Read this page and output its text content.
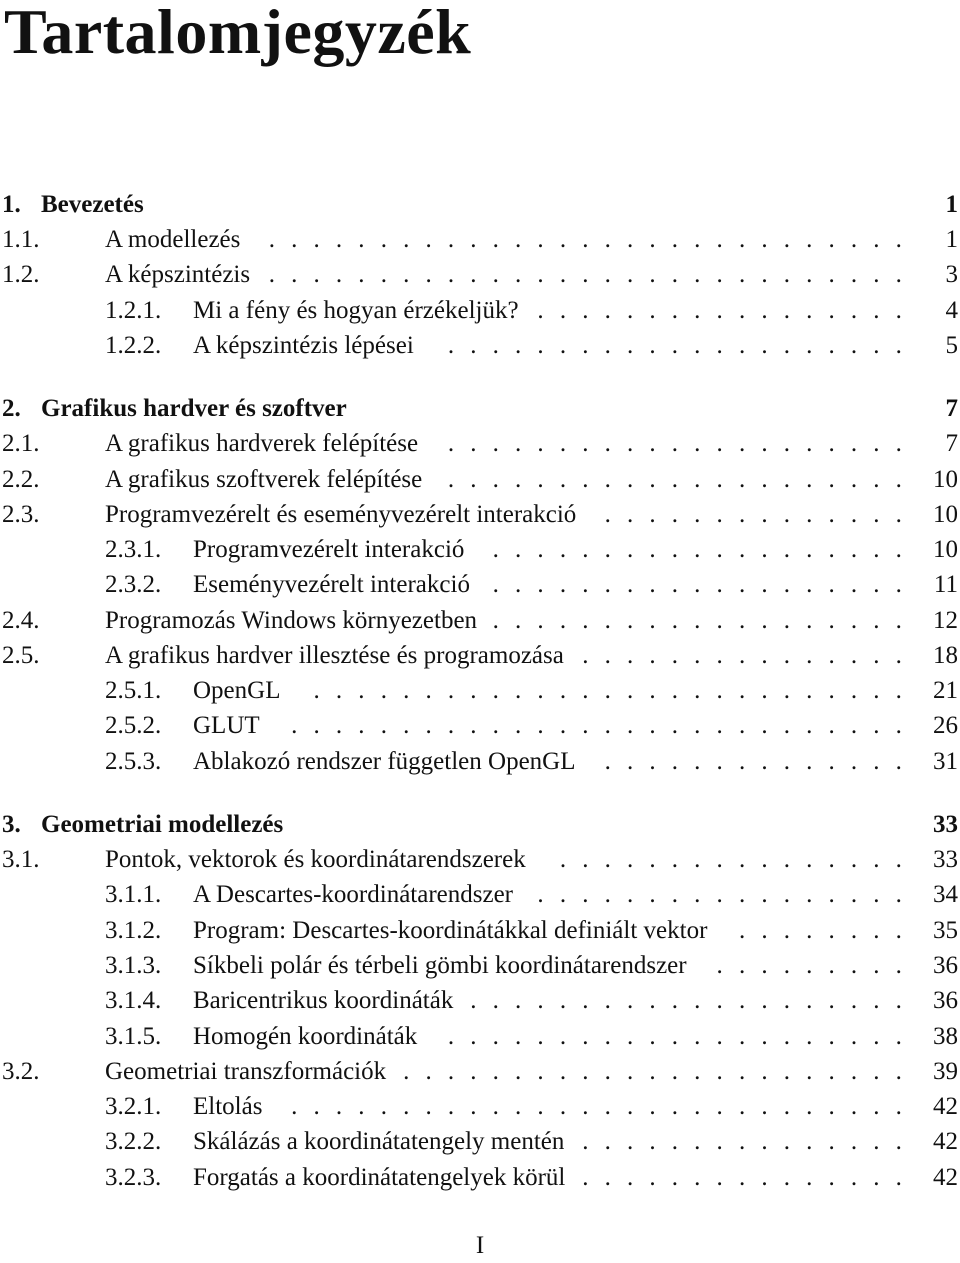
Tartalomjegyzék
1. Bevezetés	1
1.1.	A modellezés	1
.............................
1.2.	A képszintézis	3
.............................
1.2.1. Mi a fény és hogyan érzékeljük?	4
.................
1.2.2. A képszintézis lépései	5
.....................
2. Grafikus hardver és szoftver	7
2.1.	A grafikus hardverek felépítése	7
.....................
2.2.	A grafikus szoftverek felépítése	10
.....................
2.3.	Programvezérelt és eseményvezérelt interakció	10
..............
2.3.1. Programvezérelt interakció	10
...................
2.3.2. Eseményvezérelt interakció	11
...................
2.4.	Programozás Windows környezetben	12
...................
2.5.	A grafikus hardver illesztése és programozása	18
...............
2.5.1. OpenGL	21
...........................
2.5.2. GLUT	26
............................
2.5.3. Ablakozó rendszer független OpenGL	31
..............
3. Geometriai modellezés	33
3.1.	Pontok, vektorok és koordinátarendszerek	33
................
3.1.1. A Descartes-koordinátarendszer	34
.................
3.1.2. Program: Descartes-koordinátákkal definiált vektor	35
........
3.1.3. Síkbeli polár és térbeli gömbi koordinátarendszer	36
.........
3.1.4. Baricentrikus koordináták	36
....................
3.1.5. Homogén koordináták	38
.....................
3.2.	Geometriai transzformációk	39
.......................
3.2.1. Eltolás	42
............................
3.2.2. Skálázás a koordinátatengely mentén	42
...............
3.2.3. Forgatás a koordinátatengelyek körül	42
...............
I
